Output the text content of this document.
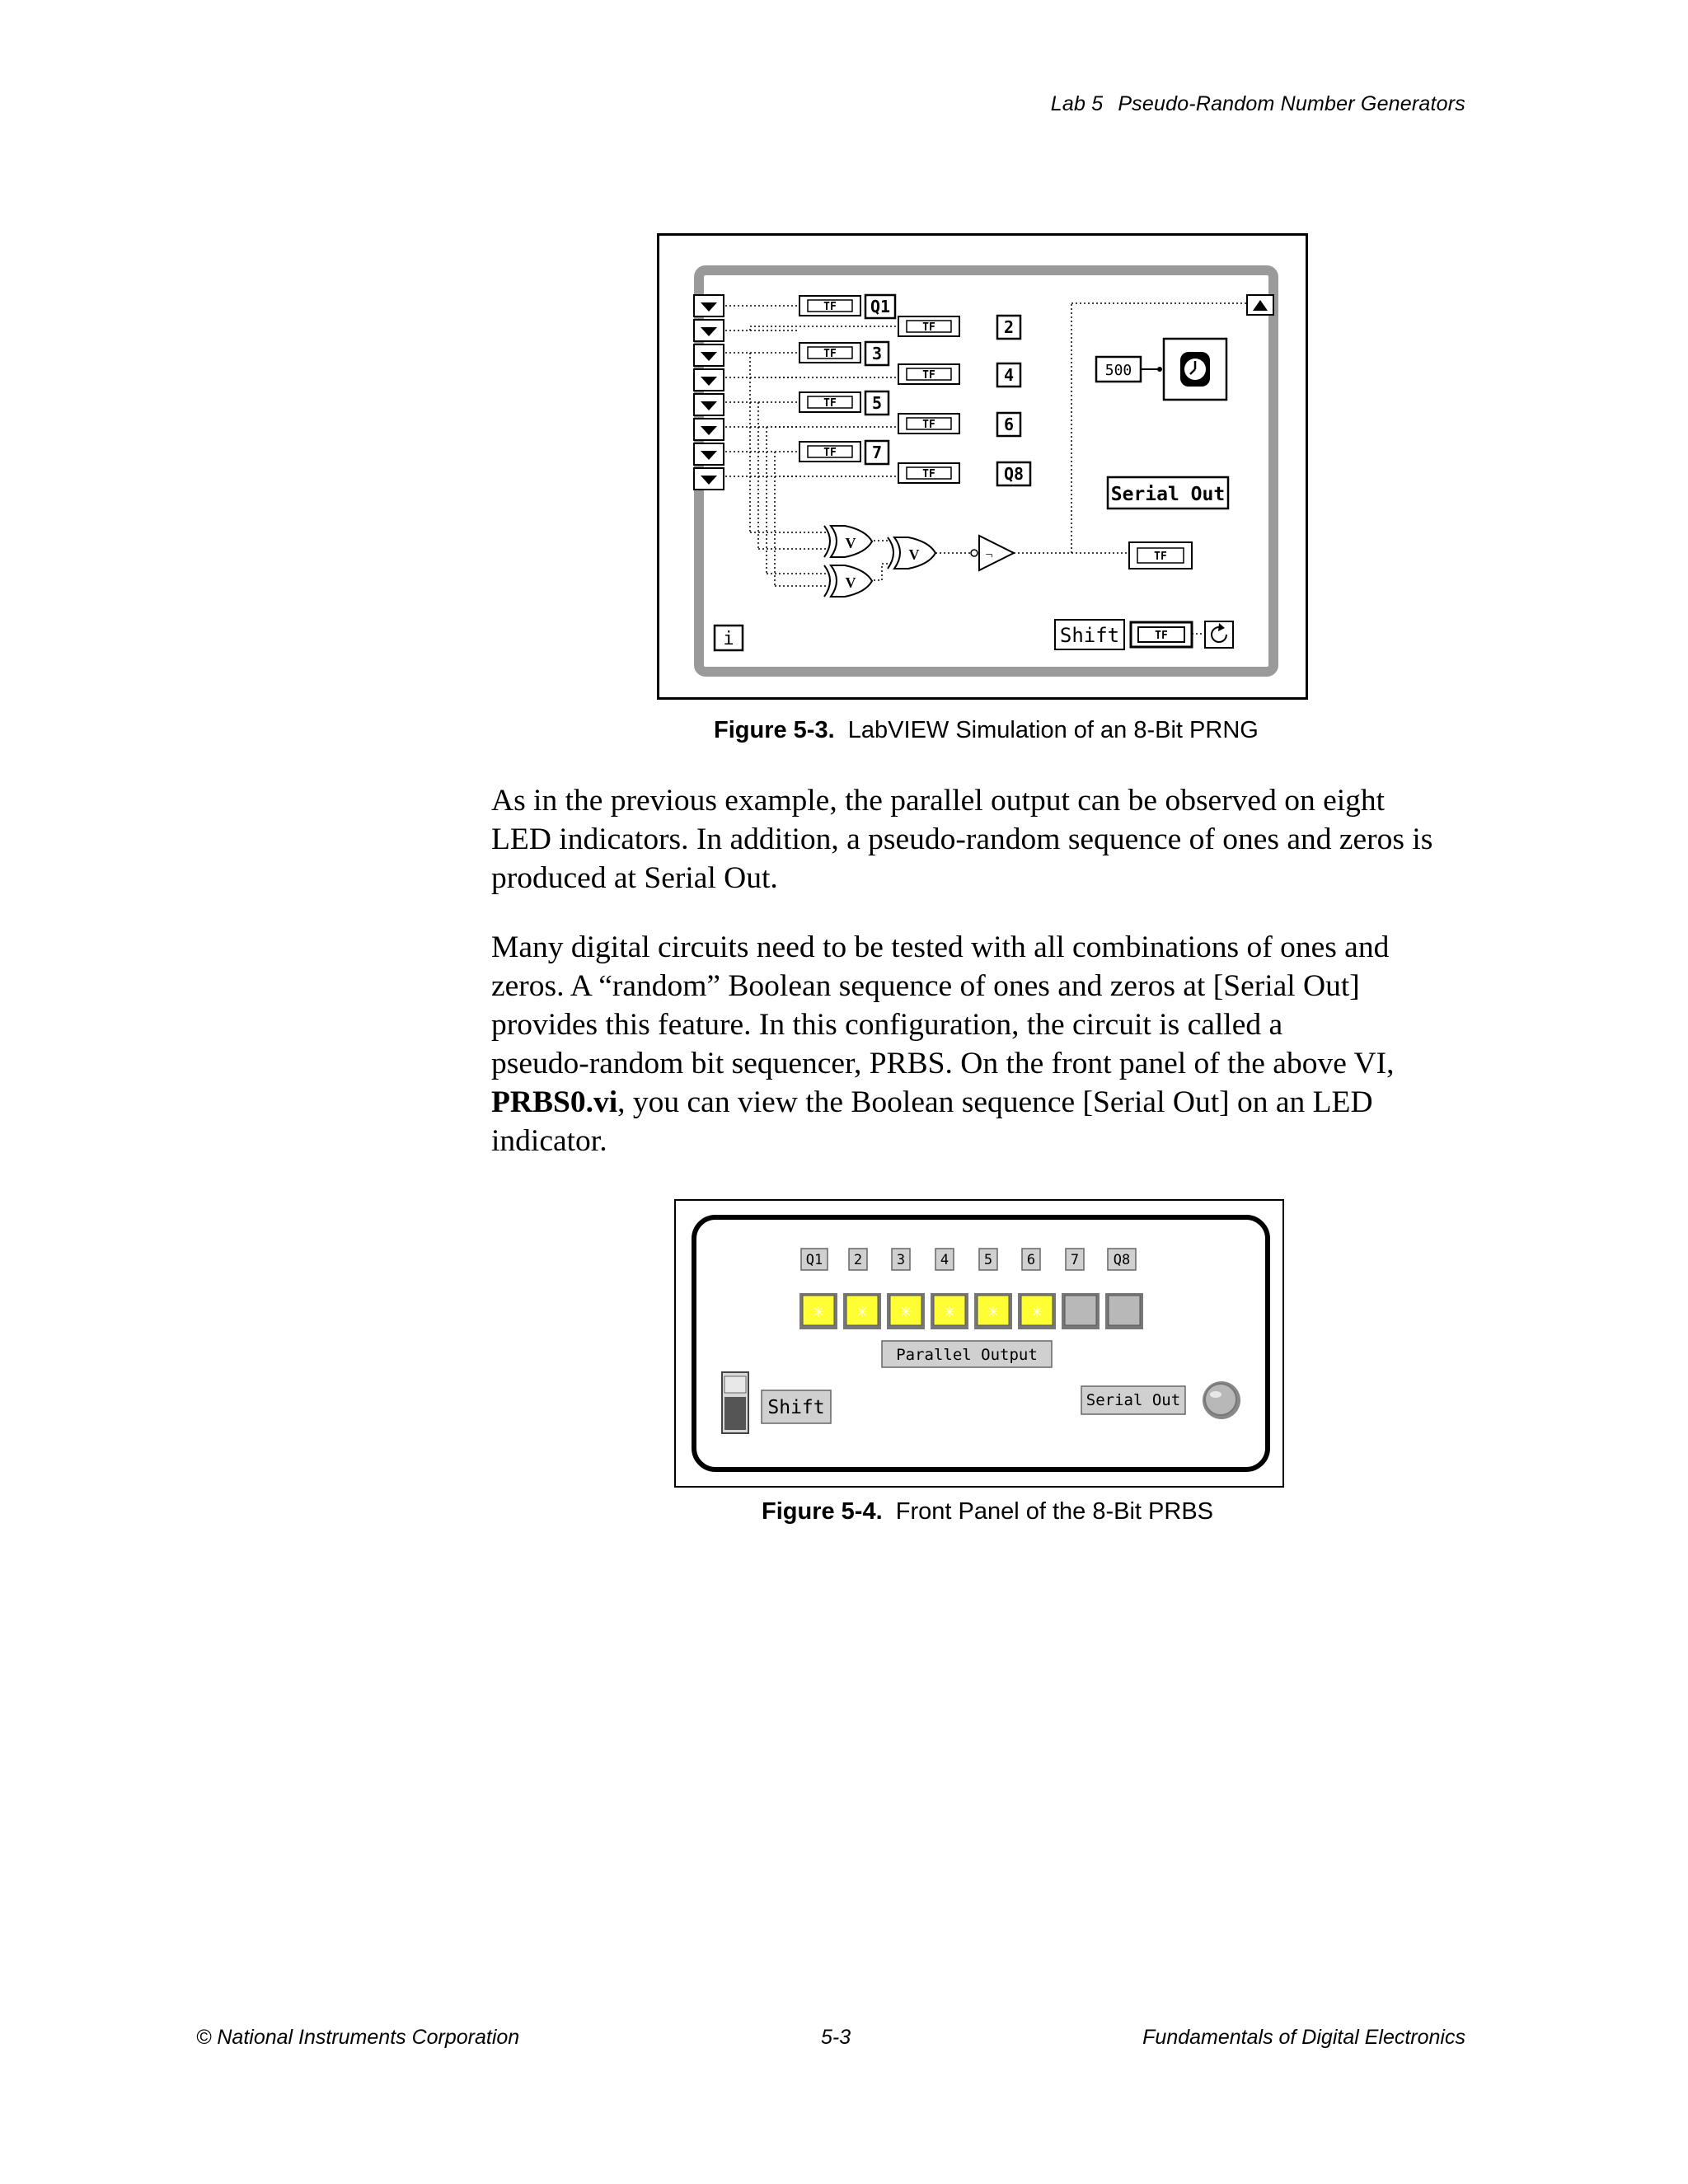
Lab 5 Pseudo-Random Number Generators
TF Q1
TF 3
TF 5
TF 7
TF	2
TF	4
TF	6
TF	Q8
500
Serial Out
TF
V
V
V	¬
i	Shift	TF
Figure 5-3. LabVIEW Simulation of an 8-Bit PRNG
As in the previous example, the parallel output can be observed on eight
LED indicators. In addition, a pseudo-random sequence of ones and zeros is
produced at Serial Out.
Many digital circuits need to be tested with all combinations of ones and
zeros. A “random” Boolean sequence of ones and zeros at [Serial Out]
provides this feature. In this configuration, the circuit is called a
pseudo-random bit sequencer, PRBS. On the front panel of the above VI,
PRBS0.vi, you can view the Boolean sequence [Serial Out] on an LED
indicator.
Q1 2 3	4	5 6	7 Q8
✳ ✳ ✳ ✳ ✳ ✳
Parallel Output
Shift	Serial Out
Figure 5-4. Front Panel of the 8-Bit PRBS
© National Instruments Corporation	5-3	Fundamentals of Digital Electronics
